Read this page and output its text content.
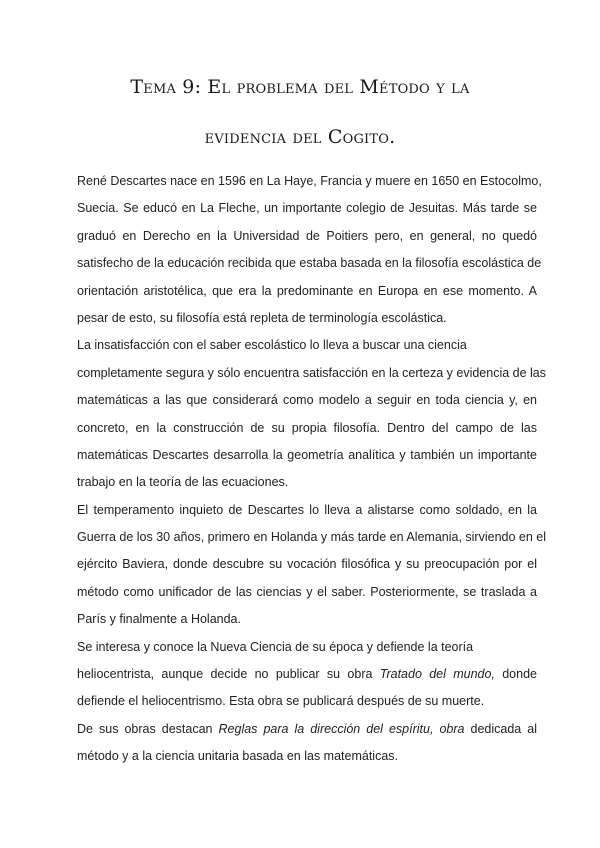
Tema 9: El problema del Método y la
evidencia del Cogito.
René Descartes nace en 1596 en La Haye, Francia y muere en 1650 en Estocolmo,
Suecia. Se educó en La Fleche, un importante colegio de Jesuitas. Más tarde se
graduó en Derecho en la Universidad de Poitiers pero, en general, no quedó
satisfecho de la educación recibida que estaba basada en la filosofía escolástica de
orientación aristotélica, que era la predominante en Europa en ese momento. A
pesar de esto, su filosofía está repleta de terminología escolástica.
La insatisfacción con el saber escolástico lo lleva a buscar una ciencia
completamente segura y sólo encuentra satisfacción en la certeza y evidencia de las
matemáticas a las que considerará como modelo a seguir en toda ciencia y, en
concreto, en la construcción de su propia filosofía. Dentro del campo de las
matemáticas Descartes desarrolla la geometría analítica y también un importante
trabajo en la teoría de las ecuaciones.
El temperamento inquieto de Descartes lo lleva a alistarse como soldado, en la
Guerra de los 30 años, primero en Holanda y más tarde en Alemania, sirviendo en el
ejército Baviera, donde descubre su vocación filosófica y su preocupación por el
método como unificador de las ciencias y el saber. Posteriormente, se traslada a
París y finalmente a Holanda.
Se interesa y conoce la Nueva Ciencia de su época y defiende la teoría
heliocentrista, aunque decide no publicar su obra Tratado del mundo, donde
defiende el heliocentrismo. Esta obra se publicará después de su muerte.
De sus obras destacan Reglas para la dirección del espíritu, obra dedicada al
método y a la ciencia unitaria basada en las matemáticas.
